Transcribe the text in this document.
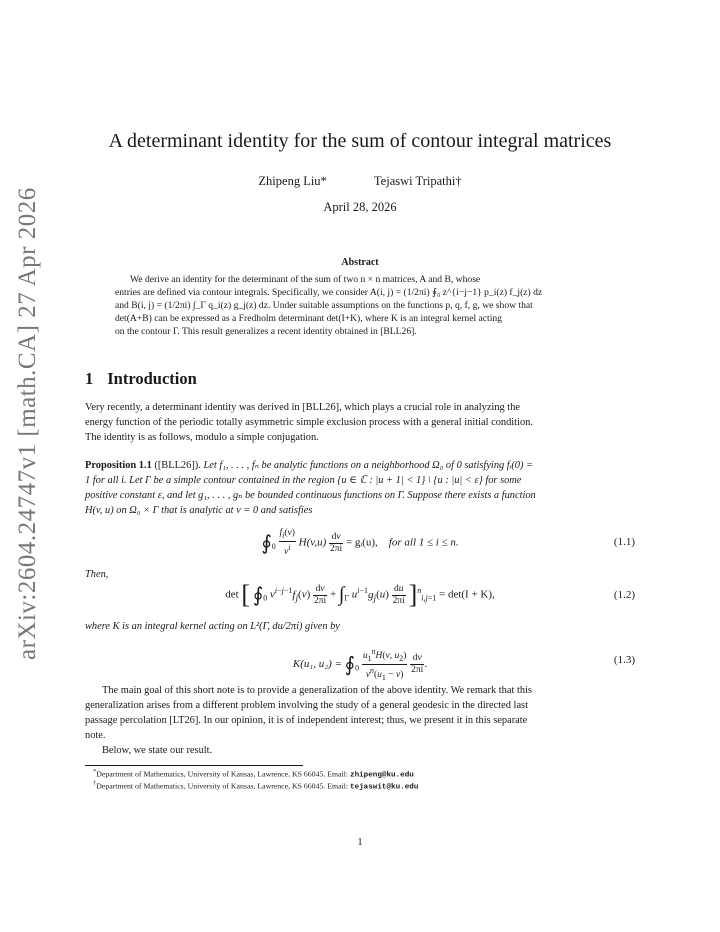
arXiv:2604.24747v1 [math.CA] 27 Apr 2026
A determinant identity for the sum of contour integral matrices
Zhipeng Liu*	Tejaswi Tripathi†
April 28, 2026
Abstract

We derive an identity for the determinant of the sum of two n × n matrices, A and B, whose

entries are defined via contour integrals. Specifically, we consider A(i, j) = (1/2πi) ∮₀ z^{i−j−1} p_i(z) f_j(z) dz
and B(i, j) = (1/2πi) ∫_Γ q_i(z) g_j(z) dz. Under suitable assumptions on the functions p, q, f, g, we show that
det(A+B) can be expressed as a Fredholm determinant det(I+K), where K is an integral kernel acting
on the contour Γ. This result generalizes a recent identity obtained in [BLL26].
1 Introduction
Very recently, a determinant identity was derived in [BLL26], which plays a crucial role in analyzing the
energy function of the periodic totally asymmetric simple exclusion process with a general initial condition.
The identity is as follows, modulo a simple conjugation.
Proposition 1.1 ([BLL26]). Let f₁, . . . , fₙ be analytic functions on a neighborhood Ω₀ of 0 satisfying fᵢ(0) =
1 for all i. Let Γ be a simple contour contained in the region {u ∈ ℂ : |u + 1| < 1} \ {u : |u| < ε} for some
positive constant ε, and let g₁, . . . , gₙ be bounded continuous functions on Γ. Suppose there exists a function
H(v, u) on Ω₀ × Γ that is analytic at v = 0 and satisfies
$∮_0 \frac{f_i(v)}{v^i} H(v,u) \frac{dv}{2\pi i}$ = gᵢ(u), for all 1 ≤ i ≤ n.	(1.1)
Then,
det [ $∮_0$ $v^{i-j-1}f_j(v) \frac{dv}{2\pi i} + \int_\Gamma$ $u^{i-1}g_j(u) \frac{du}{2\pi i} ]^n_{i,j=1} = \det(I + K)$,	(1.2)
where K is an integral kernel acting on L²(Γ, du/2πi) given by
K(u₁, $u_2) = ∮_0 \frac{u_1^nH(v, u_2)}{v^n(u_1 - v)}$
$\frac{dv}{2\pi i}$ .	(1.3)
The main goal of this short note is to provide a generalization of the above identity. We remark that this
generalization arises from a different problem involving the study of a general geodesic in the directed last
passage percolation [LT26]. In our opinion, it is of independent interest; thus, we present it in this separate
note.
Below, we state our result.
*Department of Mathematics, University of Kansas, Lawrence, KS 66045. Email: zhipeng@ku.edu
†Department of Mathematics, University of Kansas, Lawrence, KS 66045. Email: tejaswit@ku.edu
1
